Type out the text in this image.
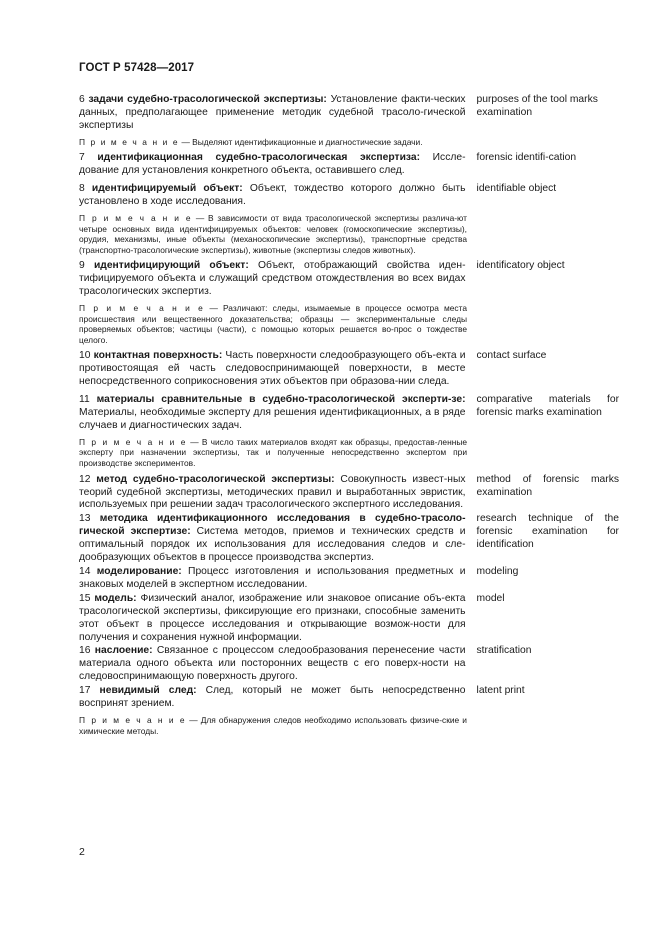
ГОСТ Р 57428—2017
6 задачи судебно-трасологической экспертизы: Установление факти-ческих данных, предполагающее применение методик судебной трасоло-гической экспертизы
purposes of the tool marks examination
П р и м е ч а н и е — Выделяют идентификационные и диагностические задачи.
7 идентификационная судебно-трасологическая экспертиза: Иссле-дование для установления конкретного объекта, оставившего след.
forensic identifi-cation
8 идентифицируемый объект: Объект, тождество которого должно быть установлено в ходе исследования.
identifiable object
П р и м е ч а н и е — В зависимости от вида трасологической экспертизы различа-ют четыре основных вида идентифицируемых объектов: человек (гомоскопические экспертизы), орудия, механизмы, иные объекты (механоскопические экспертизы), транспортные средства (транспортно-трасологические экспертизы), животные (экспертизы следов животных).
9 идентифицирующий объект: Объект, отображающий свойства иден-тифицируемого объекта и служащий средством отождествления во всех видах трасологических экспертиз.
identificatory object
П р и м е ч а н и е — Различают: следы, изымаемые в процессе осмотра места происшествия или вещественного доказательства; образцы — экспериментальные следы проверяемых объектов; частицы (части), с помощью которых решается во-прос о тождестве целого.
10 контактная поверхность: Часть поверхности следообразующего объ-екта и противостоящая ей часть следовоспринимающей поверхности, в месте непосредственного соприкосновения этих объектов при образова-нии следа.
contact surface
11 материалы сравнительные в судебно-трасологической эксперти-зе: Материалы, необходимые эксперту для решения идентификационных, а в ряде случаев и диагностических задач.
comparative materials for forensic marks examination
П р и м е ч а н и е — В число таких материалов входят как образцы, предостав-ленные эксперту при назначении экспертизы, так и полученные непосредственно экспертом при производстве экспериментов.
12 метод судебно-трасологической экспертизы: Совокупность извест-ных теорий судебной экспертизы, методических правил и выработанных эвристик, используемых при решении задач трасологического экспертного исследования.
method of forensic marks examination
13 методика идентификационного исследования в судебно-трасоло-гической экспертизе: Система методов, приемов и технических средств и оптимальный порядок их использования для исследования следов и сле-дообразующих объектов в процессе производства экспертиз.
research technique of the forensic examination for identification
14 моделирование: Процесс изготовления и использования предметных и знаковых моделей в экспертном исследовании.
modeling
15 модель: Физический аналог, изображение или знаковое описание объ-екта трасологической экспертизы, фиксирующие его признаки, способные заменить этот объект в процессе исследования и открывающие возмож-ности для получения и сохранения нужной информации.
model
16 наслоение: Связанное с процессом следообразования перенесение части материала одного объекта или посторонних веществ с его поверх-ности на следовоспринимающую поверхность другого.
stratification
17 невидимый след: След, который не может быть непосредственно воспринят зрением.
latent print
П р и м е ч а н и е — Для обнаружения следов необходимо использовать физиче-ские и химические методы.
2
